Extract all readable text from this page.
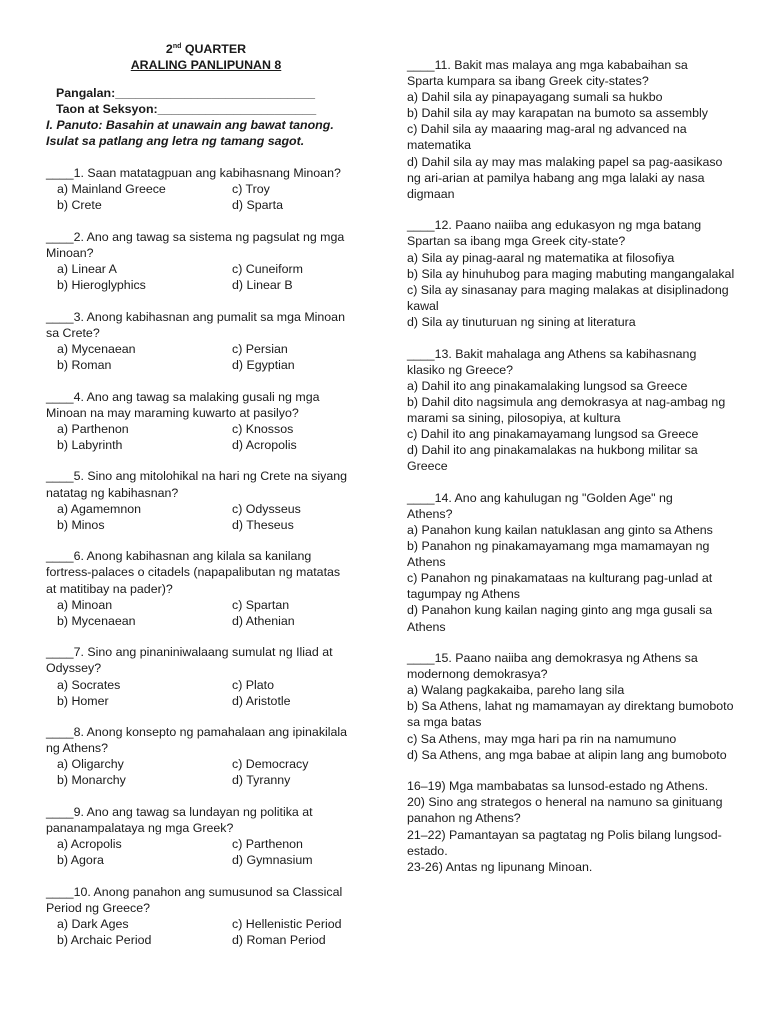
2nd QUARTER
ARALING PANLIPUNAN 8
Pangalan:_____________________________
Taon at Seksyon:_______________________
I. Panuto: Basahin at unawain ang bawat tanong.
Isulat sa patlang ang letra ng tamang sagot.
____1. Saan matatagpuan ang kabihasnang Minoan?
a) Mainland Greece	c) Troy
b) Crete	d) Sparta
____2. Ano ang tawag sa sistema ng pagsulat ng mga
Minoan?
a) Linear A	c) Cuneiform
b) Hieroglyphics	d) Linear B
____3. Anong kabihasnan ang pumalit sa mga Minoan
sa Crete?
a) Mycenaean	c) Persian
b) Roman	d) Egyptian
____4. Ano ang tawag sa malaking gusali ng mga
Minoan na may maraming kuwarto at pasilyo?
a) Parthenon	c) Knossos
b) Labyrinth	d) Acropolis
____5. Sino ang mitolohikal na hari ng Crete na siyang
natatag ng kabihasnan?
a) Agamemnon	c) Odysseus
b) Minos	d) Theseus
____6. Anong kabihasnan ang kilala sa kanilang
fortress-palaces o citadels (napapalibutan ng matatas
at matitibay na pader)?
a) Minoan	c) Spartan
b) Mycenaean	d) Athenian
____7. Sino ang pinaniniwalaang sumulat ng Iliad at
Odyssey?
a) Socrates	c) Plato
b) Homer	d) Aristotle
____8. Anong konsepto ng pamahalaan ang ipinakilala
ng Athens?
a) Oligarchy	c) Democracy
b) Monarchy	d) Tyranny
____9. Ano ang tawag sa lundayan ng politika at
pananampalataya ng mga Greek?
a) Acropolis	c) Parthenon
b) Agora	d) Gymnasium
____10. Anong panahon ang sumusunod sa Classical
Period ng Greece?
a) Dark Ages	c) Hellenistic Period
b) Archaic Period	d) Roman Period
____11. Bakit mas malaya ang mga kababaihan sa
Sparta kumpara sa ibang Greek city-states?
a) Dahil sila ay pinapayagang sumali sa hukbo
b) Dahil sila ay may karapatan na bumoto sa assembly
c) Dahil sila ay maaaring mag-aral ng advanced na matematika
d) Dahil sila ay may mas malaking papel sa pag-aasikaso ng ari-arian at pamilya habang ang mga lalaki ay nasa digmaan
____12. Paano naiiba ang edukasyon ng mga batang
Spartan sa ibang mga Greek city-state?
a) Sila ay pinag-aaral ng matematika at filosofiya
b) Sila ay hinuhubog para maging mabuting mangangalakal
c) Sila ay sinasanay para maging malakas at disiplinadong kawal
d) Sila ay tinuturuan ng sining at literatura
____13. Bakit mahalaga ang Athens sa kabihasnang
klasiko ng Greece?
a) Dahil ito ang pinakamalaking lungsod sa Greece
b) Dahil dito nagsimula ang demokrasya at nag-ambag ng marami sa sining, pilosopiya, at kultura
c) Dahil ito ang pinakamayamang lungsod sa Greece
d) Dahil ito ang pinakamalakas na hukbong militar sa Greece
____14. Ano ang kahulugan ng "Golden Age" ng
Athens?
a) Panahon kung kailan natuklasan ang ginto sa Athens
b) Panahon ng pinakamayamang mga mamamayan ng Athens
c) Panahon ng pinakamataas na kulturang pag-unlad at tagumpay ng Athens
d) Panahon kung kailan naging ginto ang mga gusali sa Athens
____15. Paano naiiba ang demokrasya ng Athens sa
modernong demokrasya?
a) Walang pagkakaiba, pareho lang sila
b) Sa Athens, lahat ng mamamayan ay direktang bumoboto sa mga batas
c) Sa Athens, may mga hari pa rin na namumuno
d) Sa Athens, ang mga babae at alipin lang ang bumoboto
16–19) Mga mambabatas sa lunsod-estado ng Athens.
20) Sino ang strategos o heneral na namuno sa ginituang panahon ng Athens?
21–22) Pamantayan sa pagtatag ng Polis bilang lungsod-estado.
23-26) Antas ng lipunang Minoan.
